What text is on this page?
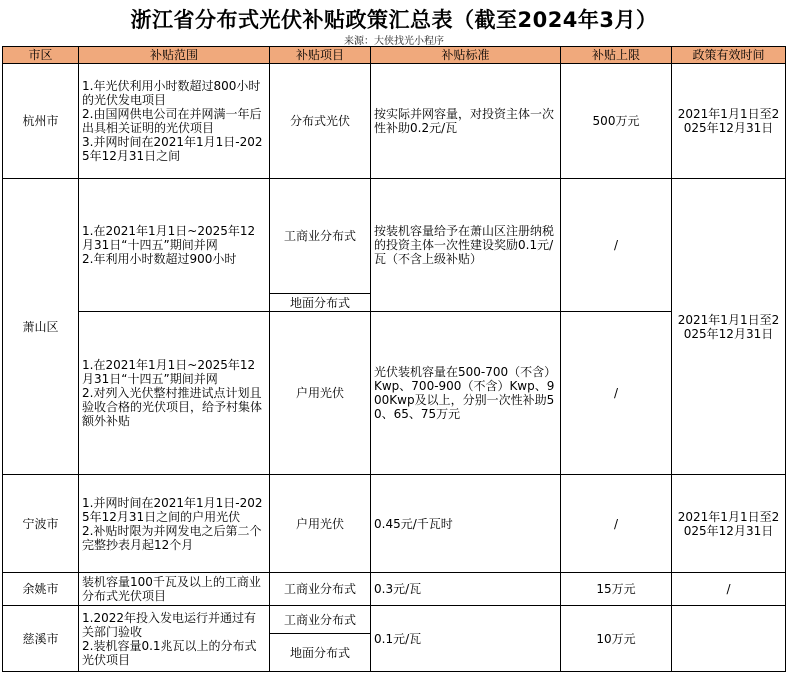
浙江省分布式光伏补贴政策汇总表（截至2024年3月）
来源：大侠找光小程序
市区	补贴范围	补贴项目	补贴标准	补贴上限	政策有效时间
杭州市	1.年光伏利用小时数超过800小时的光伏发电项目
2.由国网供电公司在并网满一年后出具相关证明的光伏项目
3.并网时间在2021年1月1日-2025年12月31日之间	分布式光伏	按实际并网容量，对投资主体一次性补助0.2元/瓦	500万元	2021年1月1日至2025年12月31日
萧山区	1.在2021年1月1日~2025年12月31日“十四五”期间并网
2.年利用小时数超过900小时	工商业分布式	按装机容量给予在萧山区注册纳税的投资主体一次性建设奖励0.1元/瓦（不含上级补贴）	/	2021年1月1日至2025年12月31日
		地面分布式			
	1.在2021年1月1日~2025年12月31日“十四五”期间并网
2.对列入光伏整村推进试点计划且验收合格的光伏项目，给予村集体额外补贴	户用光伏	光伏装机容量在500-700（不含）Kwp、700-900（不含）Kwp、900Kwp及以上，分别一次性补助50、65、75万元	/	
宁波市	1.并网时间在2021年1月1日-2025年12月31日之间的户用光伏
2.补贴时限为并网发电之后第二个完整抄表月起12个月	户用光伏	0.45元/千瓦时	/	2021年1月1日至2025年12月31日
余姚市	装机容量100千瓦及以上的工商业分布式光伏项目	工商业分布式	0.3元/瓦	15万元	/
慈溪市	1.2022年投入发电运行并通过有关部门验收
2.装机容量0.1兆瓦以上的分布式光伏项目	工商业分布式	0.1元/瓦	10万元	
		地面分布式			
